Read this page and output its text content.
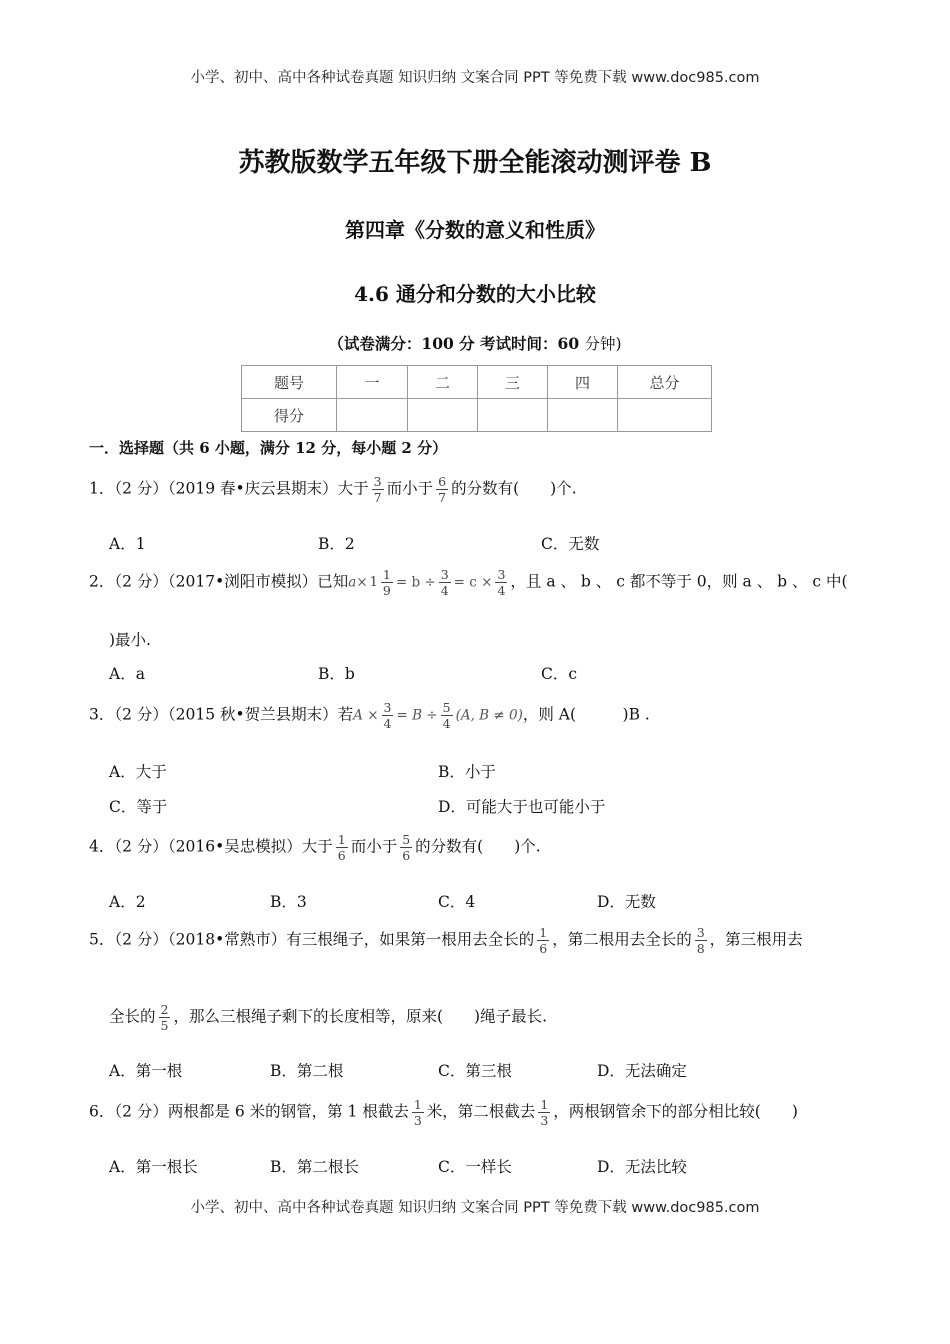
小学、初中、高中各种试卷真题 知识归纳 文案合同 PPT 等免费下载 www.doc985.com
苏教版数学五年级下册全能滚动测评卷 B
第四章《分数的意义和性质》
4.6 通分和分数的大小比较
（试卷满分：100 分 考试时间：60 分钟)
题号	一	二	三	四	总分
得分					
一．选择题（共 6 小题，满分 12 分，每小题 2 分）
1．（2 分）（2019 春•庆云县期末）大于 $\frac{3}{7}$ 而小于 $\frac{6}{7}$ 的分数有(　　)个.
A．1	B．2	C．无数
2．（2 分）（2017•浏阳市模拟）已知$a\times 1 \frac{1}{9} = b \div \frac{3}{4} = c \times \frac{3}{4}$ ，且 a 、 b 、 c 都不等于 0，则 a 、 b 、 c 中(
)最小.
A．a	B．b	C．c
3．（2 分）（2015 秋•贺兰县期末）若$A \times \frac{3}{4} = B \div \frac{5}{4} (A$, B ≠ 0)，则 A(　　　)B .
A．大于	B．小于
C．等于	D．可能大于也可能小于
4．（2 分）（2016•吴忠模拟）大于 $\frac{1}{6}$ 而小于 $\frac{5}{6}$ 的分数有(　　)个.
A．2	B．3	C．4	D．无数
5．（2 分）（2018•常熟市）有三根绳子，如果第一根用去全长的 $\frac{1}{6}$ ，第二根用去全长的 $\frac{3}{8}$ ，第三根用去
全长的 $\frac{2}{5}$ ，那么三根绳子剩下的长度相等，原来(　　)绳子最长.
A．第一根	B．第二根	C．第三根	D．无法确定
6．（2 分）两根都是 6 米的钢管，第 1 根截去 $\frac{1}{3}$ 米，第二根截去 $\frac{1}{3}$ ，两根钢管余下的部分相比较(　　)
A．第一根长	B．第二根长	C．一样长	D．无法比较
小学、初中、高中各种试卷真题 知识归纳 文案合同 PPT 等免费下载 www.doc985.com
